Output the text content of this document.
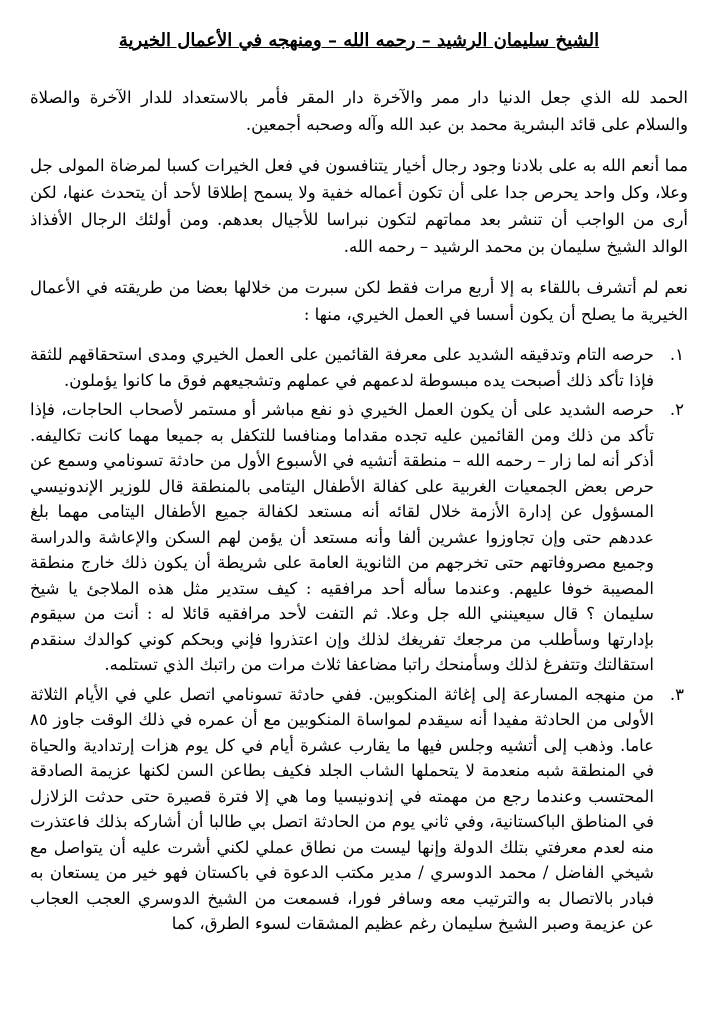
الشيخ سليمان الرشيد – رحمه الله – ومنهجه في الأعمال الخيرية

الحمد لله الذي جعل الدنيا دار ممر والآخرة دار المقر فأمر بالاستعداد للدار الآخرة والصلاة والسلام على قائد البشرية محمد بن عبد الله وآله وصحبه أجمعين.

مما أنعم الله به على بلادنا وجود رجال أخيار يتنافسون في فعل الخيرات كسبا لمرضاة المولى جل وعلا، وكل واحد يحرص جدا على أن تكون أعماله خفية ولا يسمح إطلاقا لأحد أن يتحدث عنها، لكن أرى من الواجب أن تنشر بعد مماتهم لتكون نبراسا للأجيال بعدهم. ومن أولئك الرجال الأفذاذ الوالد الشيخ سليمان بن محمد الرشيد – رحمه الله.

نعم لم أتشرف باللقاء به إلا أربع مرات فقط لكن سبرت من خلالها بعضا من طريقته في الأعمال الخيرية ما يصلح أن يكون أسسا في العمل الخيري، منها :

١.
حرصه التام وتدقيقه الشديد على معرفة القائمين على العمل الخيري ومدى استحقاقهم للثقة فإذا تأكد ذلك أصبحت يده مبسوطة لدعمهم في عملهم وتشجيعهم فوق ما كانوا يؤملون.
٢.
حرصه الشديد على أن يكون العمل الخيري ذو نفع مباشر أو مستمر لأصحاب الحاجات، فإذا تأكد من ذلك ومن القائمين عليه تجده مقداما ومنافسا للتكفل به جميعا مهما كانت تكاليفه. أذكر أنه لما زار – رحمه الله – منطقة أتشيه في الأسبوع الأول من حادثة تسونامي وسمع عن حرص بعض الجمعيات الغربية على كفالة الأطفال اليتامى بالمنطقة قال للوزير الإندونيسي المسؤول عن إدارة الأزمة خلال لقائه أنه مستعد لكفالة جميع الأطفال اليتامى مهما بلغ عددهم حتى وإن تجاوزوا عشرين ألفا وأنه مستعد أن يؤمن لهم السكن والإعاشة والدراسة وجميع مصروفاتهم حتى تخرجهم من الثانوية العامة على شريطة أن يكون ذلك خارج منطقة المصيبة خوفا عليهم. وعندما سأله أحد مرافقيه : كيف ستدير مثل هذه الملاجئ يا شيخ سليمان ؟ قال سيعينني الله جل وعلا. ثم التفت لأحد مرافقيه قائلا له : أنت من سيقوم بإدارتها وسأطلب من مرجعك تفريغك لذلك وإن اعتذروا فإني وبحكم كوني كوالدك سنقدم استقالتك وتتفرغ لذلك وسأمنحك راتبا مضاعفا ثلاث مرات من راتبك الذي تستلمه.
٣.
من منهجه المسارعة إلى إغاثة المنكوبين. ففي حادثة تسونامي اتصل علي في الأيام الثلاثة الأولى من الحادثة مفيدا أنه سيقدم لمواساة المنكوبين مع أن عمره في ذلك الوقت جاوز ٨٥ عاما. وذهب إلى أتشيه وجلس فيها ما يقارب عشرة أيام في كل يوم هزات إرتدادية والحياة في المنطقة شبه منعدمة لا يتحملها الشاب الجلد فكيف بطاعن السن لكنها عزيمة الصادقة المحتسب وعندما رجع من مهمته في إندونيسيا وما هي إلا فترة قصيرة حتى حدثت الزلازل في المناطق الباكستانية، وفي ثاني يوم من الحادثة اتصل بي طالبا أن أشاركه بذلك فاعتذرت منه لعدم معرفتي بتلك الدولة وإنها ليست من نطاق عملي لكني أشرت عليه أن يتواصل مع شيخي الفاضل / محمد الدوسري / مدير مكتب الدعوة في باكستان فهو خير من يستعان به فبادر بالاتصال به والترتيب معه وسافر فورا، فسمعت من الشيخ الدوسري العجب العجاب عن عزيمة وصبر الشيخ سليمان رغم عظيم المشقات لسوء الطرق، كما
